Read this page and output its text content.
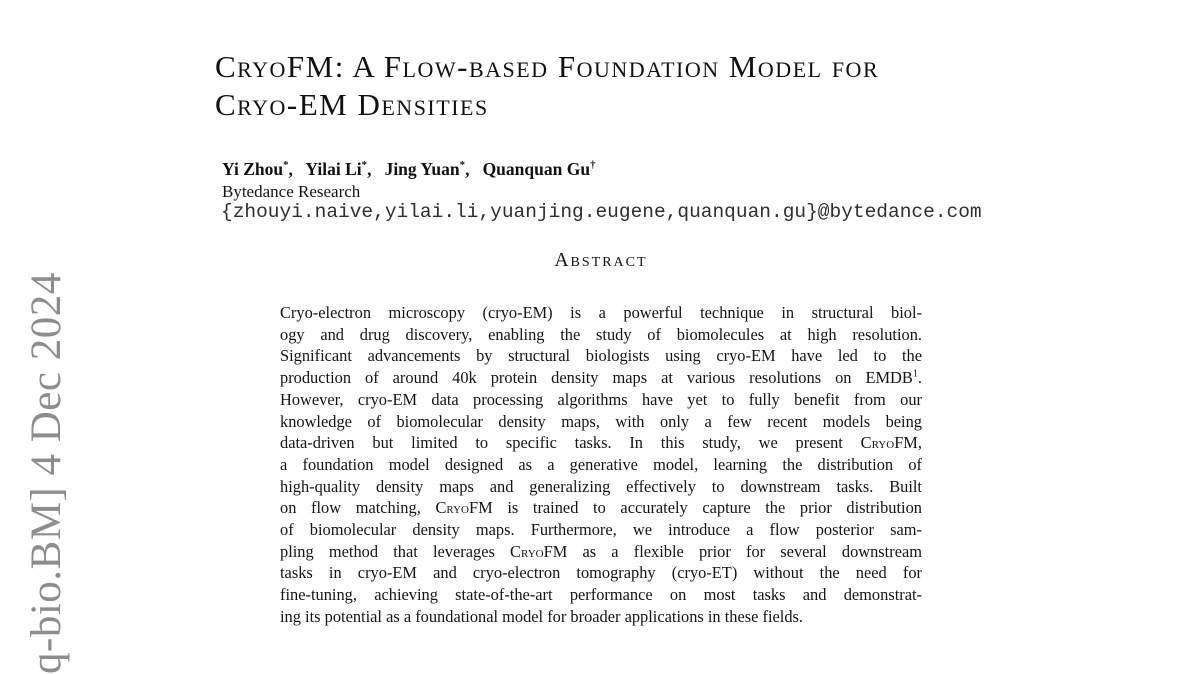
q-bio.BM] 4 Dec 2024
CryoFM: A Flow-based Foundation Model for
Cryo-EM Densities
Yi Zhou*,   Yilai Li*,   Jing Yuan*,   Quanquan Gu†
Bytedance Research
{zhouyi.naive,yilai.li,yuanjing.eugene,quanquan.gu}@bytedance.com
Abstract
Cryo-electron microscopy (cryo-EM) is a powerful technique in structural biol-
ogy and drug discovery, enabling the study of biomolecules at high resolution.
Significant advancements by structural biologists using cryo-EM have led to the
production of around 40k protein density maps at various resolutions on EMDB$^1$.
However, cryo-EM data processing algorithms have yet to fully benefit from our
knowledge of biomolecular density maps, with only a few recent models being
data-driven but limited to specific tasks. In this study, we present CryoFM,
a foundation model designed as a generative model, learning the distribution of
high-quality density maps and generalizing effectively to downstream tasks. Built
on flow matching, CryoFM is trained to accurately capture the prior distribution
of biomolecular density maps. Furthermore, we introduce a flow posterior sam-
pling method that leverages CryoFM as a flexible prior for several downstream
tasks in cryo-EM and cryo-electron tomography (cryo-ET) without the need for
fine-tuning, achieving state-of-the-art performance on most tasks and demonstrat-
ing its potential as a foundational model for broader applications in these fields.
